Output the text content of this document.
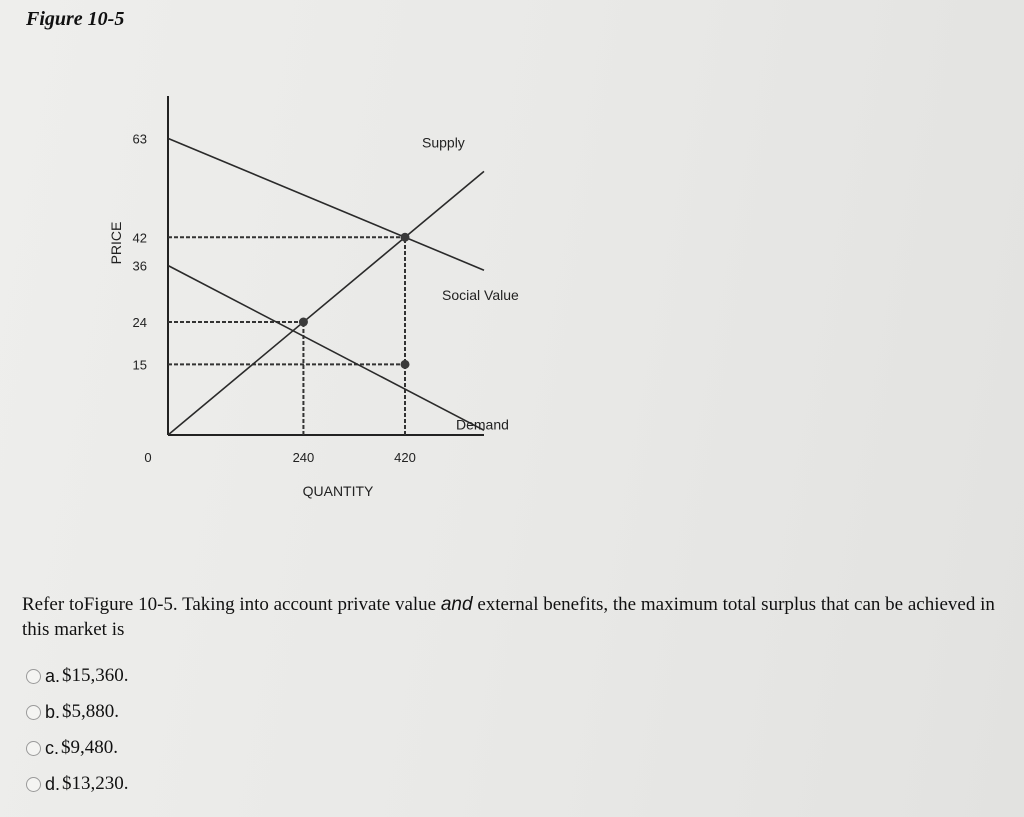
Figure 10-5
Supply
Social Value
Demand
63
42
36
24
15
0	240	420
QUANTITY
PRICE
Refer toFigure 10-5. Taking into account private value and external benefits, the maximum total surplus that can be achieved in this market is
a. $15,360.
b. $5,880.
c. $9,480.
d. $13,230.
